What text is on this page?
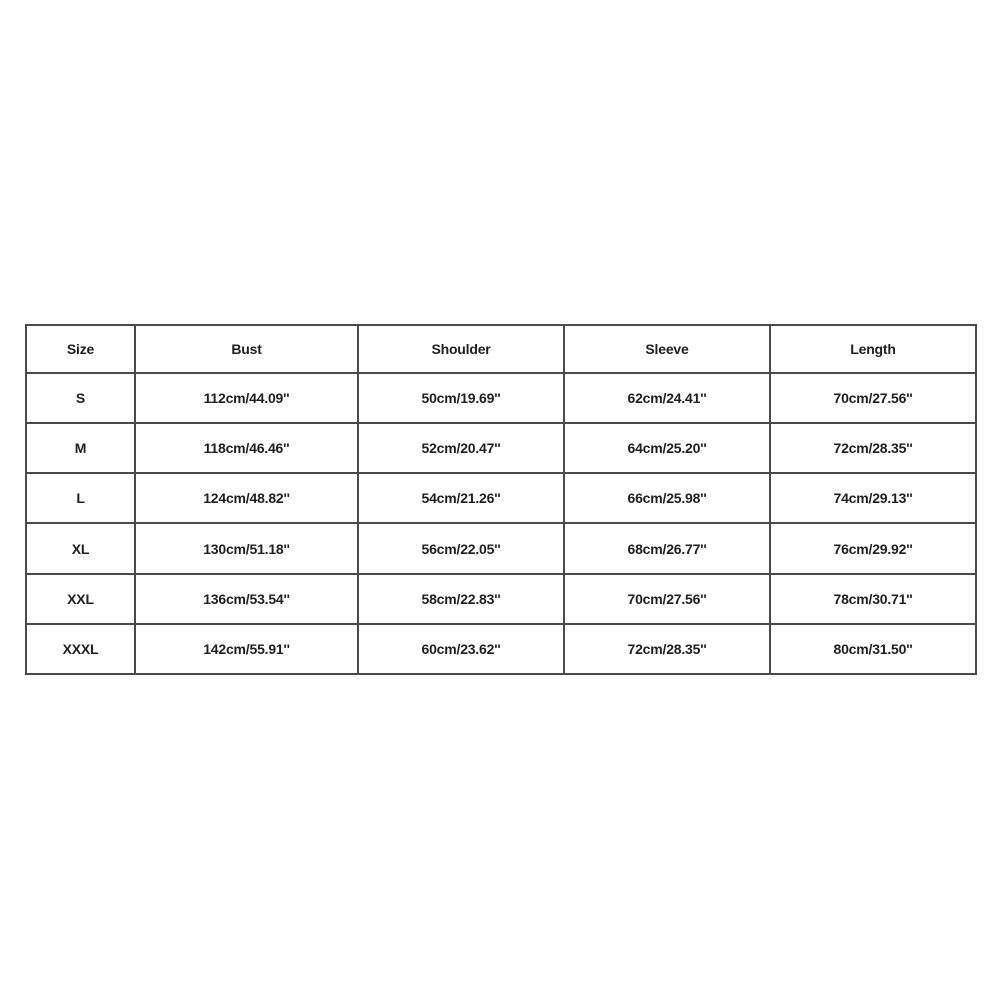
Size	Bust	Shoulder	Sleeve	Length
S	112cm/44.09''	50cm/19.69''	62cm/24.41''	70cm/27.56''
M	118cm/46.46''	52cm/20.47''	64cm/25.20''	72cm/28.35''
L	124cm/48.82''	54cm/21.26''	66cm/25.98''	74cm/29.13''
XL	130cm/51.18''	56cm/22.05''	68cm/26.77''	76cm/29.92''
XXL	136cm/53.54''	58cm/22.83''	70cm/27.56''	78cm/30.71''
XXXL	142cm/55.91''	60cm/23.62''	72cm/28.35''	80cm/31.50''
